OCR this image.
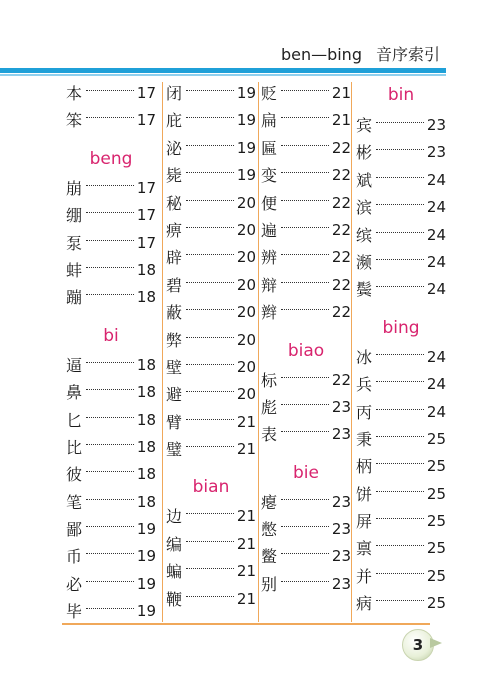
ben—bing 音序索引
本	17
笨	17
beng
崩	17
绷	17
泵	17
蚌	18
蹦	18
bi
逼	18
鼻	18
匕	18
比	18
彼	18
笔	18
鄙	19
币	19
必	19
毕	19
闭	19
庇	19
泌	19
毙	19
秘	20
痹	20
辟	20
碧	20
蔽	20
弊	20
壁	20
避	20
臂	21
璧	21
bian
边	21
编	21
蝙	21
鞭	21
贬	21
扁	21
匾	22
变	22
便	22
遍	22
辨	22
辩	22
辫	22
biao
标	22
彪	23
表	23
bie
瘪	23
憋	23
鳖	23
别	23
bin
宾	23
彬	23
斌	24
滨	24
缤	24
濒	24
鬓	24
bing
冰	24
兵	24
丙	24
秉	25
柄	25
饼	25
屏	25
禀	25
并	25
病	25
3
